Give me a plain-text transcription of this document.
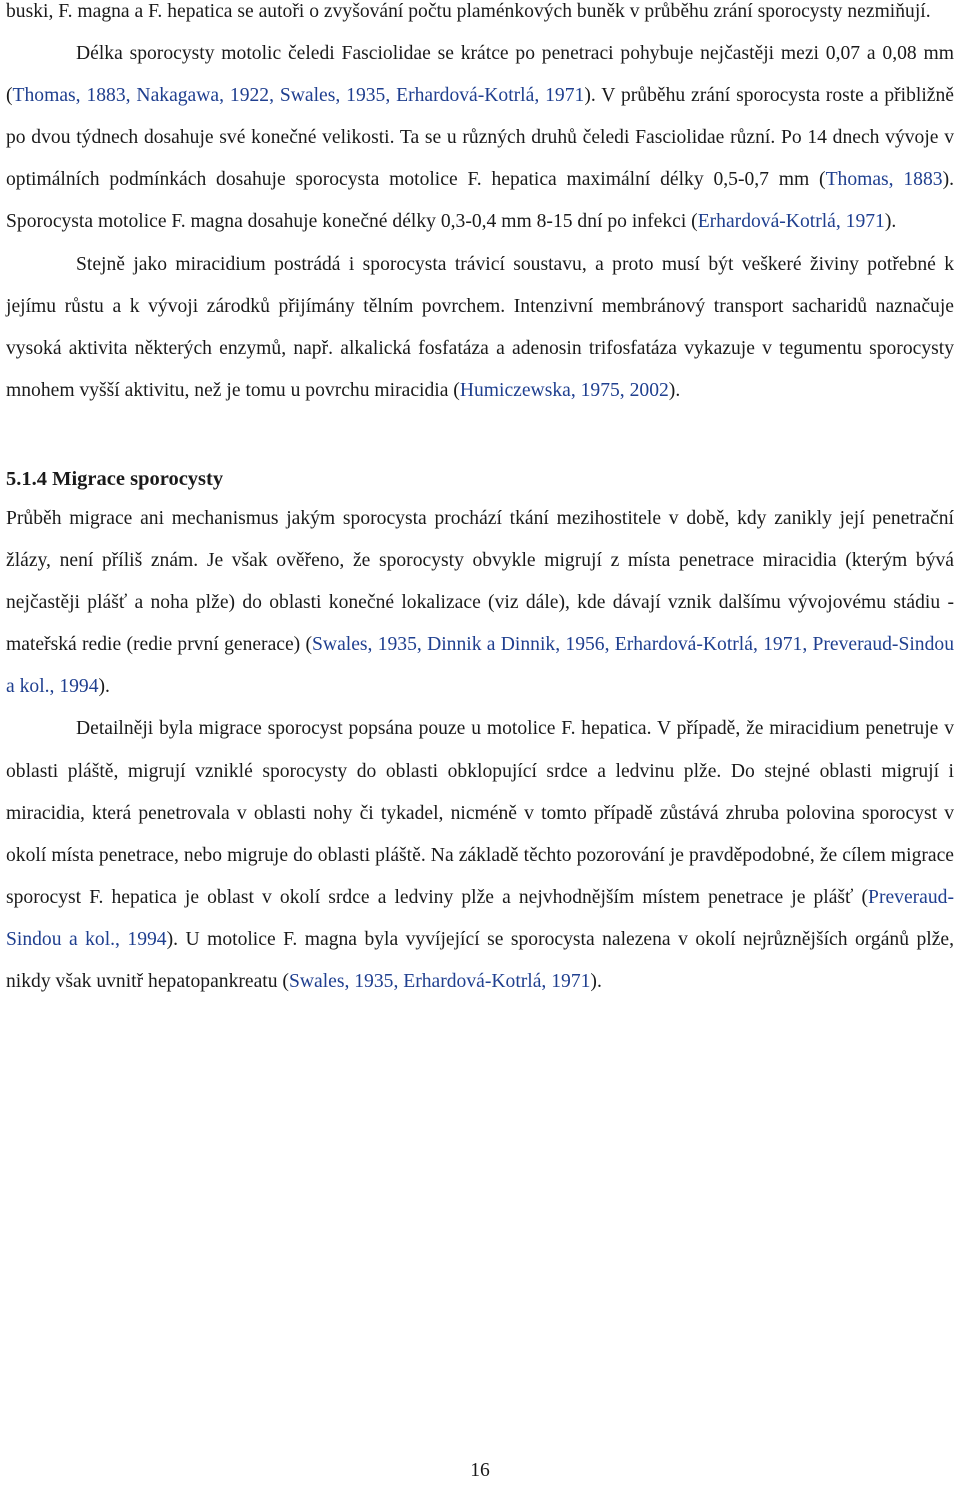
buski, F. magna a F. hepatica se autoři o zvyšování počtu plaménkových buněk v průběhu zrání sporocysty nezmiňují.

Délka sporocysty motolic čeledi Fasciolidae se krátce po penetraci pohybuje nejčastěji mezi 0,07 a 0,08 mm (Thomas, 1883, Nakagawa, 1922, Swales, 1935, Erhardová-Kotrlá, 1971). V průběhu zrání sporocysta roste a přibližně po dvou týdnech dosahuje své konečné velikosti. Ta se u různých druhů čeledi Fasciolidae různí. Po 14 dnech vývoje v optimálních podmínkách dosahuje sporocysta motolice F. hepatica maximální délky 0,5-0,7 mm (Thomas, 1883). Sporocysta motolice F. magna dosahuje konečné délky 0,3-0,4 mm 8-15 dní po infekci (Erhardová-Kotrlá, 1971).

Stejně jako miracidium postrádá i sporocysta trávicí soustavu, a proto musí být veškeré živiny potřebné k jejímu růstu a k vývoji zárodků přijímány tělním povrchem. Intenzivní membránový transport sacharidů naznačuje vysoká aktivita některých enzymů, např. alkalická fosfatáza a adenosin trifosfatáza vykazuje v tegumentu sporocysty mnohem vyšší aktivitu, než je tomu u povrchu miracidia (Humiczewska, 1975, 2002).

5.1.4 Migrace sporocysty

Průběh migrace ani mechanismus jakým sporocysta prochází tkání mezihostitele v době, kdy zanikly její penetrační žlázy, není příliš znám. Je však ověřeno, že sporocysty obvykle migrují z místa penetrace miracidia (kterým bývá nejčastěji plášť a noha plže) do oblasti konečné lokalizace (viz dále), kde dávají vznik dalšímu vývojovému stádiu - mateřská redie (redie první generace) (Swales, 1935, Dinnik a Dinnik, 1956, Erhardová-Kotrlá, 1971, Preveraud-Sindou a kol., 1994).

Detailněji byla migrace sporocyst popsána pouze u motolice F. hepatica. V případě, že miracidium penetruje v oblasti pláště, migrují vzniklé sporocysty do oblasti obklopující srdce a ledvinu plže. Do stejné oblasti migrují i miracidia, která penetrovala v oblasti nohy či tykadel, nicméně v tomto případě zůstává zhruba polovina sporocyst v okolí místa penetrace, nebo migruje do oblasti pláště. Na základě těchto pozorování je pravděpodobné, že cílem migrace sporocyst F. hepatica je oblast v okolí srdce a ledviny plže a nejvhodnějším místem penetrace je plášť (Preveraud-Sindou a kol., 1994). U motolice F. magna byla vyvíjející se sporocysta nalezena v okolí nejrůznějších orgánů plže, nikdy však uvnitř hepatopankreatu (Swales, 1935, Erhardová-Kotrlá, 1971).

16
